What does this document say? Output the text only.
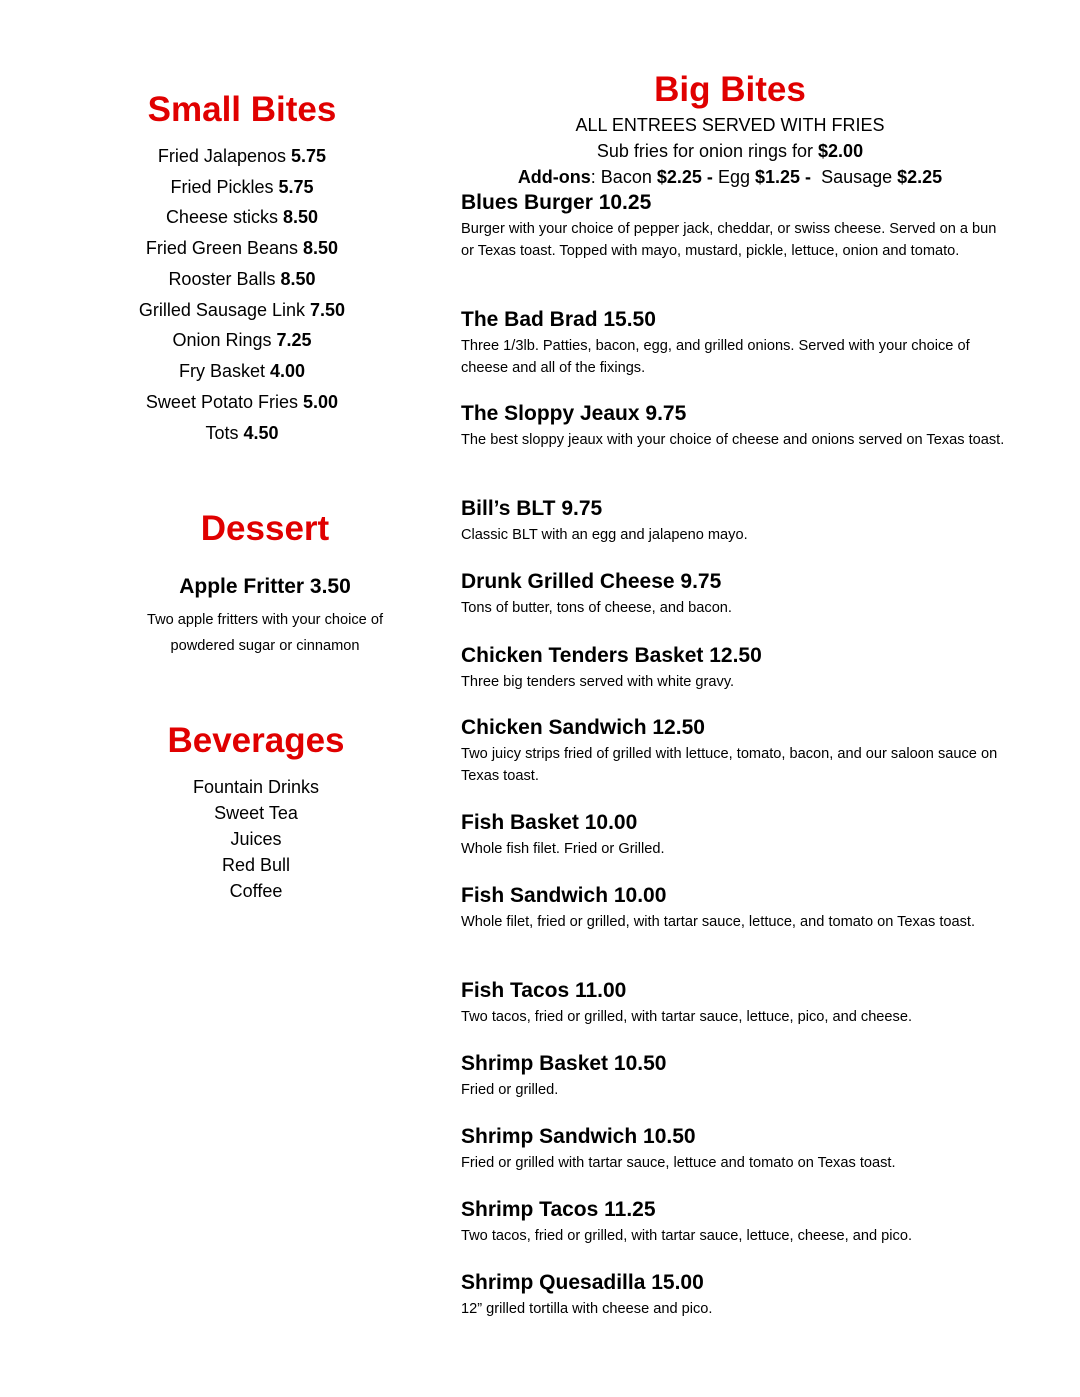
Small Bites
Fried Jalapenos 5.75
Fried Pickles 5.75
Cheese sticks 8.50
Fried Green Beans 8.50
Rooster Balls 8.50
Grilled Sausage Link 7.50
Onion Rings 7.25
Fry Basket 4.00
Sweet Potato Fries 5.00
Tots 4.50
Dessert
Apple Fritter 3.50
Two apple fritters with your choice of
powdered sugar or cinnamon
Beverages
Fountain Drinks
Sweet Tea
Juices
Red Bull
Coffee
Big Bites
ALL ENTREES SERVED WITH FRIES
Sub fries for onion rings for $2.00
Add-ons: Bacon $2.25 - Egg $1.25 - Sausage $2.25
Blues Burger 10.25
Burger with your choice of pepper jack, cheddar, or swiss cheese. Served on a bun or Texas toast. Topped with mayo, mustard, pickle, lettuce, onion and tomato.
The Bad Brad 15.50
Three 1/3lb. Patties, bacon, egg, and grilled onions. Served with your choice of cheese and all of the fixings.
The Sloppy Jeaux 9.75
The best sloppy jeaux with your choice of cheese and onions served on Texas toast.
Bill’s BLT 9.75
Classic BLT with an egg and jalapeno mayo.
Drunk Grilled Cheese 9.75
Tons of butter, tons of cheese, and bacon.
Chicken Tenders Basket 12.50
Three big tenders served with white gravy.
Chicken Sandwich 12.50
Two juicy strips fried of grilled with lettuce, tomato, bacon, and our saloon sauce on Texas toast.
Fish Basket 10.00
Whole fish filet. Fried or Grilled.
Fish Sandwich 10.00
Whole filet, fried or grilled, with tartar sauce, lettuce, and tomato on Texas toast.
Fish Tacos 11.00
Two tacos, fried or grilled, with tartar sauce, lettuce, pico, and cheese.
Shrimp Basket 10.50
Fried or grilled.
Shrimp Sandwich 10.50
Fried or grilled with tartar sauce, lettuce and tomato on Texas toast.
Shrimp Tacos 11.25
Two tacos, fried or grilled, with tartar sauce, lettuce, cheese, and pico.
Shrimp Quesadilla 15.00
12” grilled tortilla with cheese and pico.
